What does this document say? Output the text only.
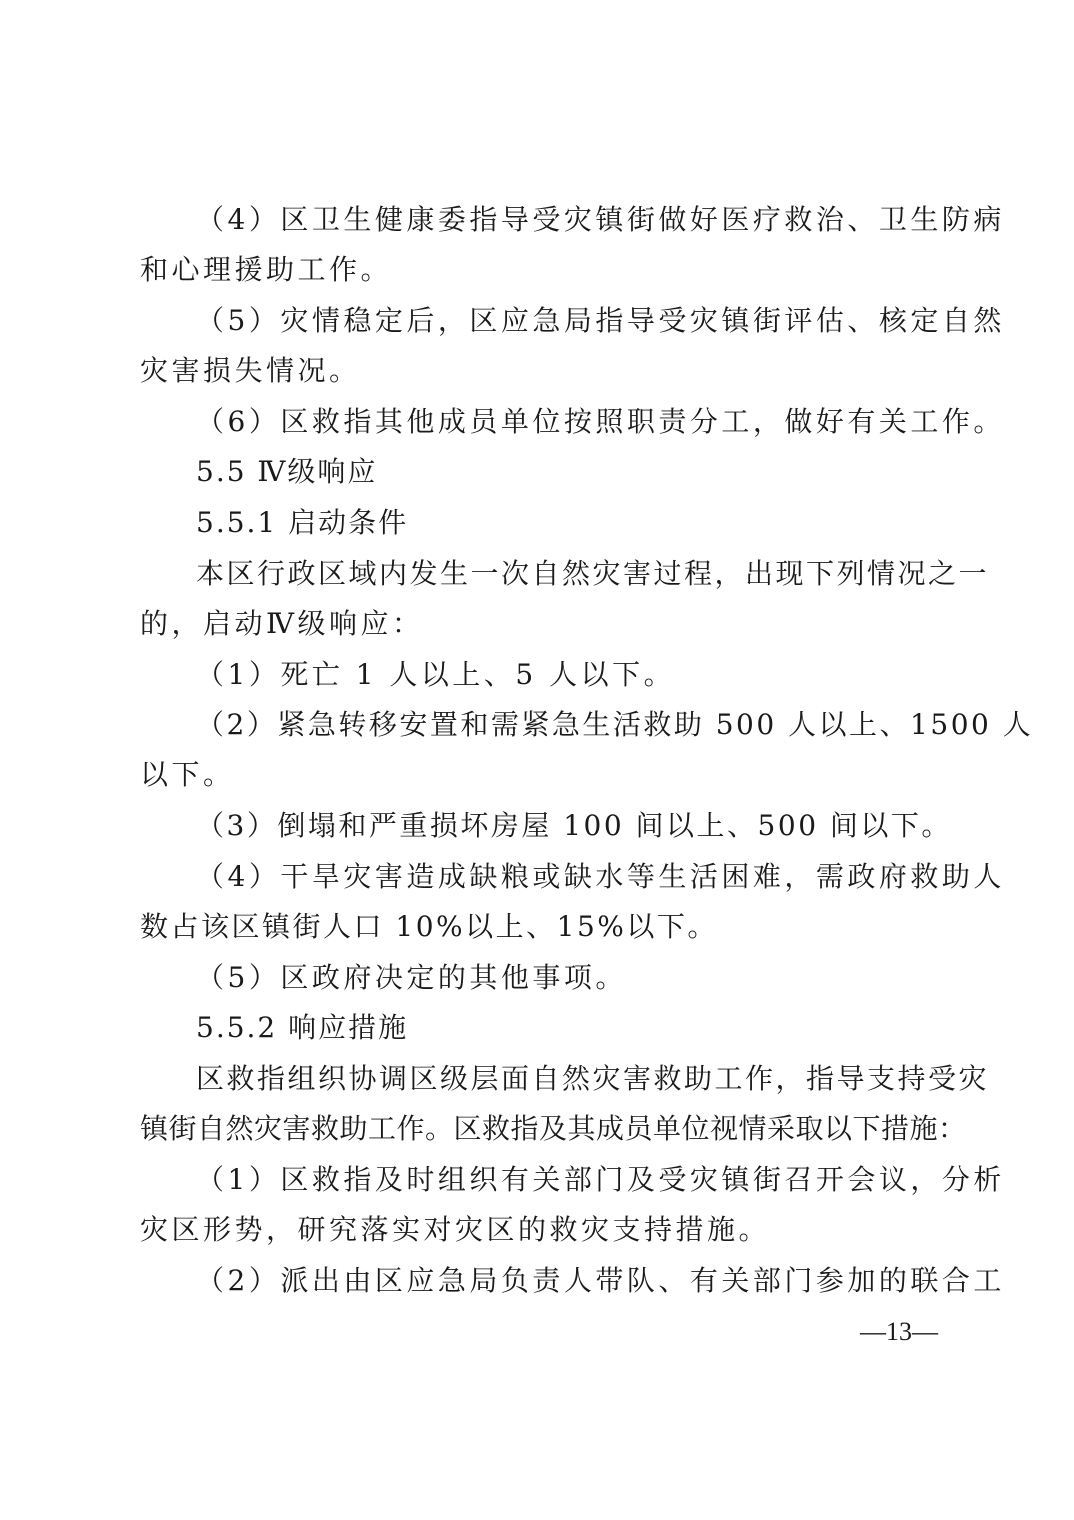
（4）区卫生健康委指导受灾镇街做好医疗救治、卫生防病
和心理援助工作。
（5）灾情稳定后，区应急局指导受灾镇街评估、核定自然
灾害损失情况。
（6）区救指其他成员单位按照职责分工，做好有关工作。
5.5 Ⅳ级响应
5.5.1 启动条件
本区行政区域内发生一次自然灾害过程，出现下列情况之一
的，启动Ⅳ级响应：
（1）死亡 1 人以上、5 人以下。
（2）紧急转移安置和需紧急生活救助 500 人以上、1500 人
以下。
（3）倒塌和严重损坏房屋 100 间以上、500 间以下。
（4）干旱灾害造成缺粮或缺水等生活困难，需政府救助人
数占该区镇街人口 10%以上、15%以下。
（5）区政府决定的其他事项。
5.5.2 响应措施
区救指组织协调区级层面自然灾害救助工作，指导支持受灾
镇街自然灾害救助工作。区救指及其成员单位视情采取以下措施：
（1）区救指及时组织有关部门及受灾镇街召开会议，分析
灾区形势，研究落实对灾区的救灾支持措施。
（2）派出由区应急局负责人带队、有关部门参加的联合工
—13—
